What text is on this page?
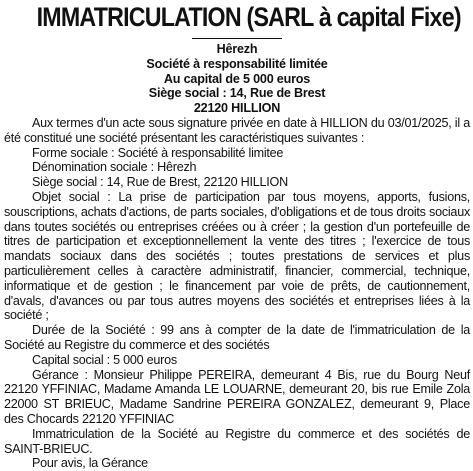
IMMATRICULATION (SARL à capital Fixe)
Hêrezh
Société à responsabilité limitée
Au capital de 5 000 euros
Siège social : 14, Rue de Brest
22120 HILLION

Aux termes d'un acte sous signature privée en date à HILLION du 03/01/2025, il a été constitué une société présentant les caractéristiques suivantes :

Forme sociale : Société à responsabilité limitee

Dénomination sociale : Hêrezh

Siège social : 14, Rue de Brest, 22120 HILLION

Objet social : La prise de participation par tous moyens, apports, fusions, souscriptions, achats d'actions, de parts sociales, d'obligations et de tous droits sociaux dans toutes sociétés ou entreprises créées ou à créer ; la gestion d'un portefeuille de titres de participation et exceptionnellement la vente des titres ; l'exercice de tous mandats sociaux dans des sociétés ; toutes prestations de services et plus particulièrement celles à caractère administratif, financier, commercial, technique, informatique et de gestion ; le financement par voie de prêts, de cautionnement, d'avals, d'avances ou par tous autres moyens des sociétés et entreprises liées à la société ;

Durée de la Société : 99 ans à compter de la date de l'immatriculation de la Société au Registre du commerce et des sociétés

Capital social : 5 000 euros

Gérance : Monsieur Philippe PEREIRA, demeurant 4 Bis, rue du Bourg Neuf 22120 YFFINIAC, Madame Amanda LE LOUARNE, demeurant 20, bis rue Emile Zola 22000 ST BRIEUC, Madame Sandrine PEREIRA GONZALEZ, demeurant 9, Place des Chocards 22120 YFFINIAC

Immatriculation de la Société au Registre du commerce et des sociétés de SAINT-BRIEUC.

Pour avis, la Gérance
